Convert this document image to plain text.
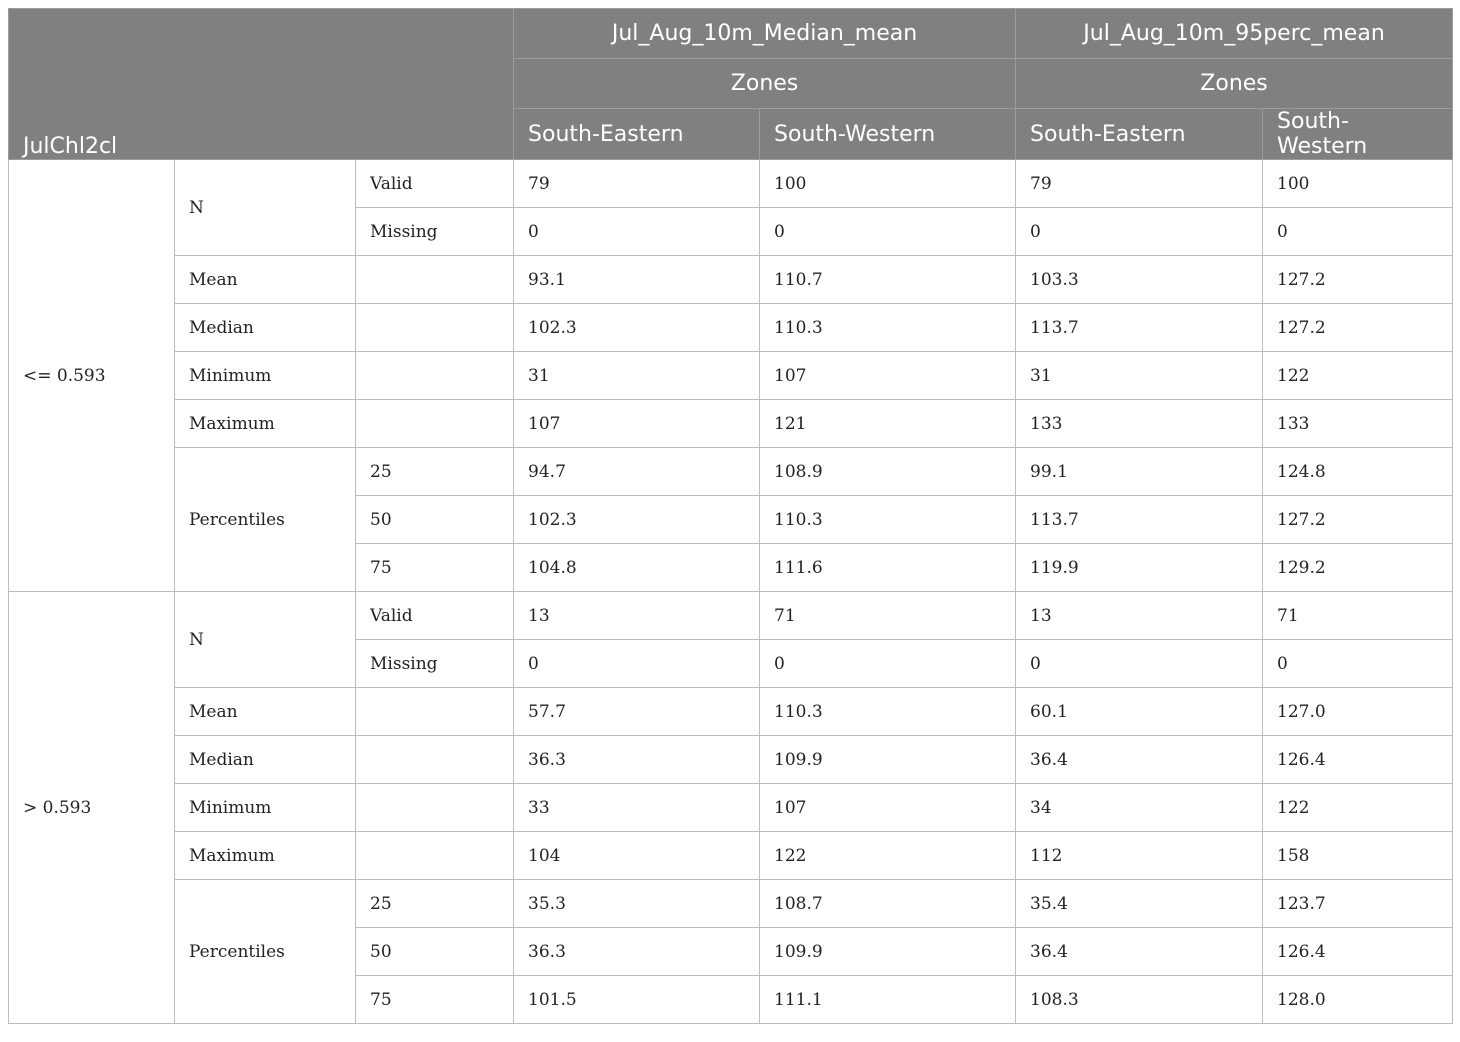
JulChl2cl			Jul_Aug_10m_Median_mean		Jul_Aug_10m_95perc_mean	
			Zones		Zones	
			South-Eastern	South-Western	South-Eastern	South-Western
<= 0.593	N	Valid	79	100	79	100
		Missing	0	0	0	0
	Mean		93.1	110.7	103.3	127.2
	Median		102.3	110.3	113.7	127.2
	Minimum		31	107	31	122
	Maximum		107	121	133	133
	Percentiles	25	94.7	108.9	99.1	124.8
		50	102.3	110.3	113.7	127.2
		75	104.8	111.6	119.9	129.2
> 0.593	N	Valid	13	71	13	71
		Missing	0	0	0	0
	Mean		57.7	110.3	60.1	127.0
	Median		36.3	109.9	36.4	126.4
	Minimum		33	107	34	122
	Maximum		104	122	112	158
	Percentiles	25	35.3	108.7	35.4	123.7
		50	36.3	109.9	36.4	126.4
		75	101.5	111.1	108.3	128.0
